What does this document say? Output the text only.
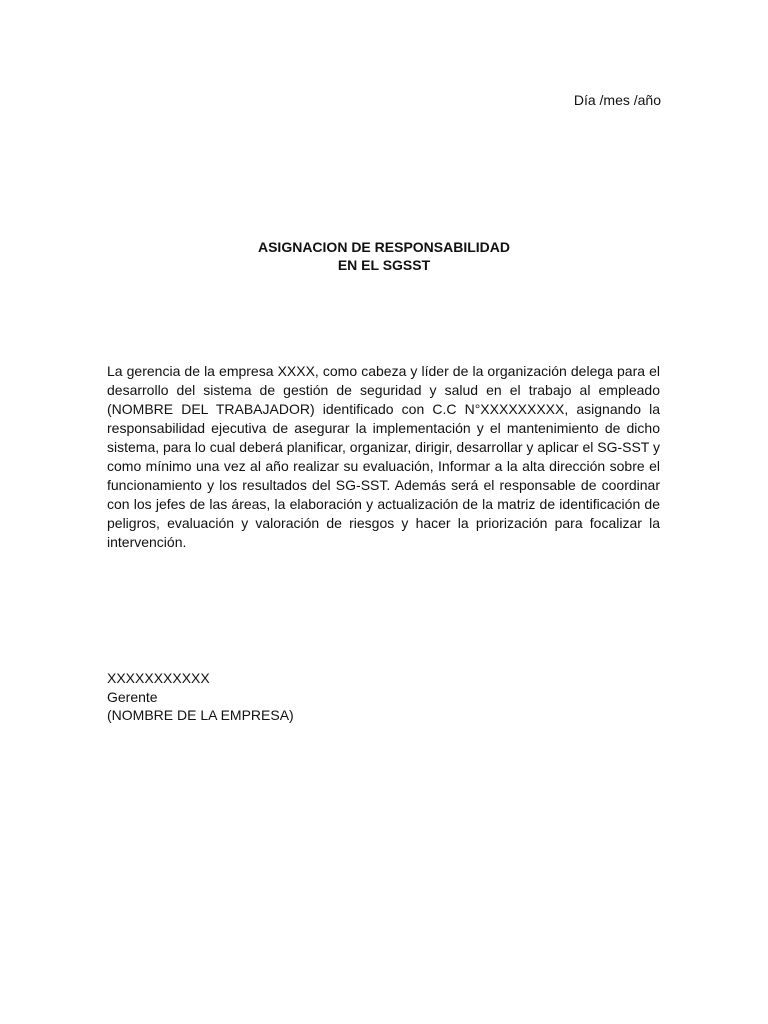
Día /mes /año
ASIGNACION DE RESPONSABILIDAD
EN EL SGSST

La gerencia de la empresa XXXX, como cabeza y líder de la organización delega para el desarrollo del sistema de gestión de seguridad y salud en el trabajo al empleado (NOMBRE DEL TRABAJADOR) identificado con C.C N°XXXXXXXXX, asignando la responsabilidad ejecutiva de asegurar la implementación y el mantenimiento de dicho sistema, para lo cual deberá planificar, organizar, dirigir, desarrollar y aplicar el SG-SST y como mínimo una vez al año realizar su evaluación, Informar a la alta dirección sobre el funcionamiento y los resultados del SG-SST. Además será el responsable de coordinar con los jefes de las áreas, la elaboración y actualización de la matriz de identificación de peligros, evaluación y valoración de riesgos y hacer la priorización para focalizar la intervención.

XXXXXXXXXXX
Gerente
(NOMBRE DE LA EMPRESA)
